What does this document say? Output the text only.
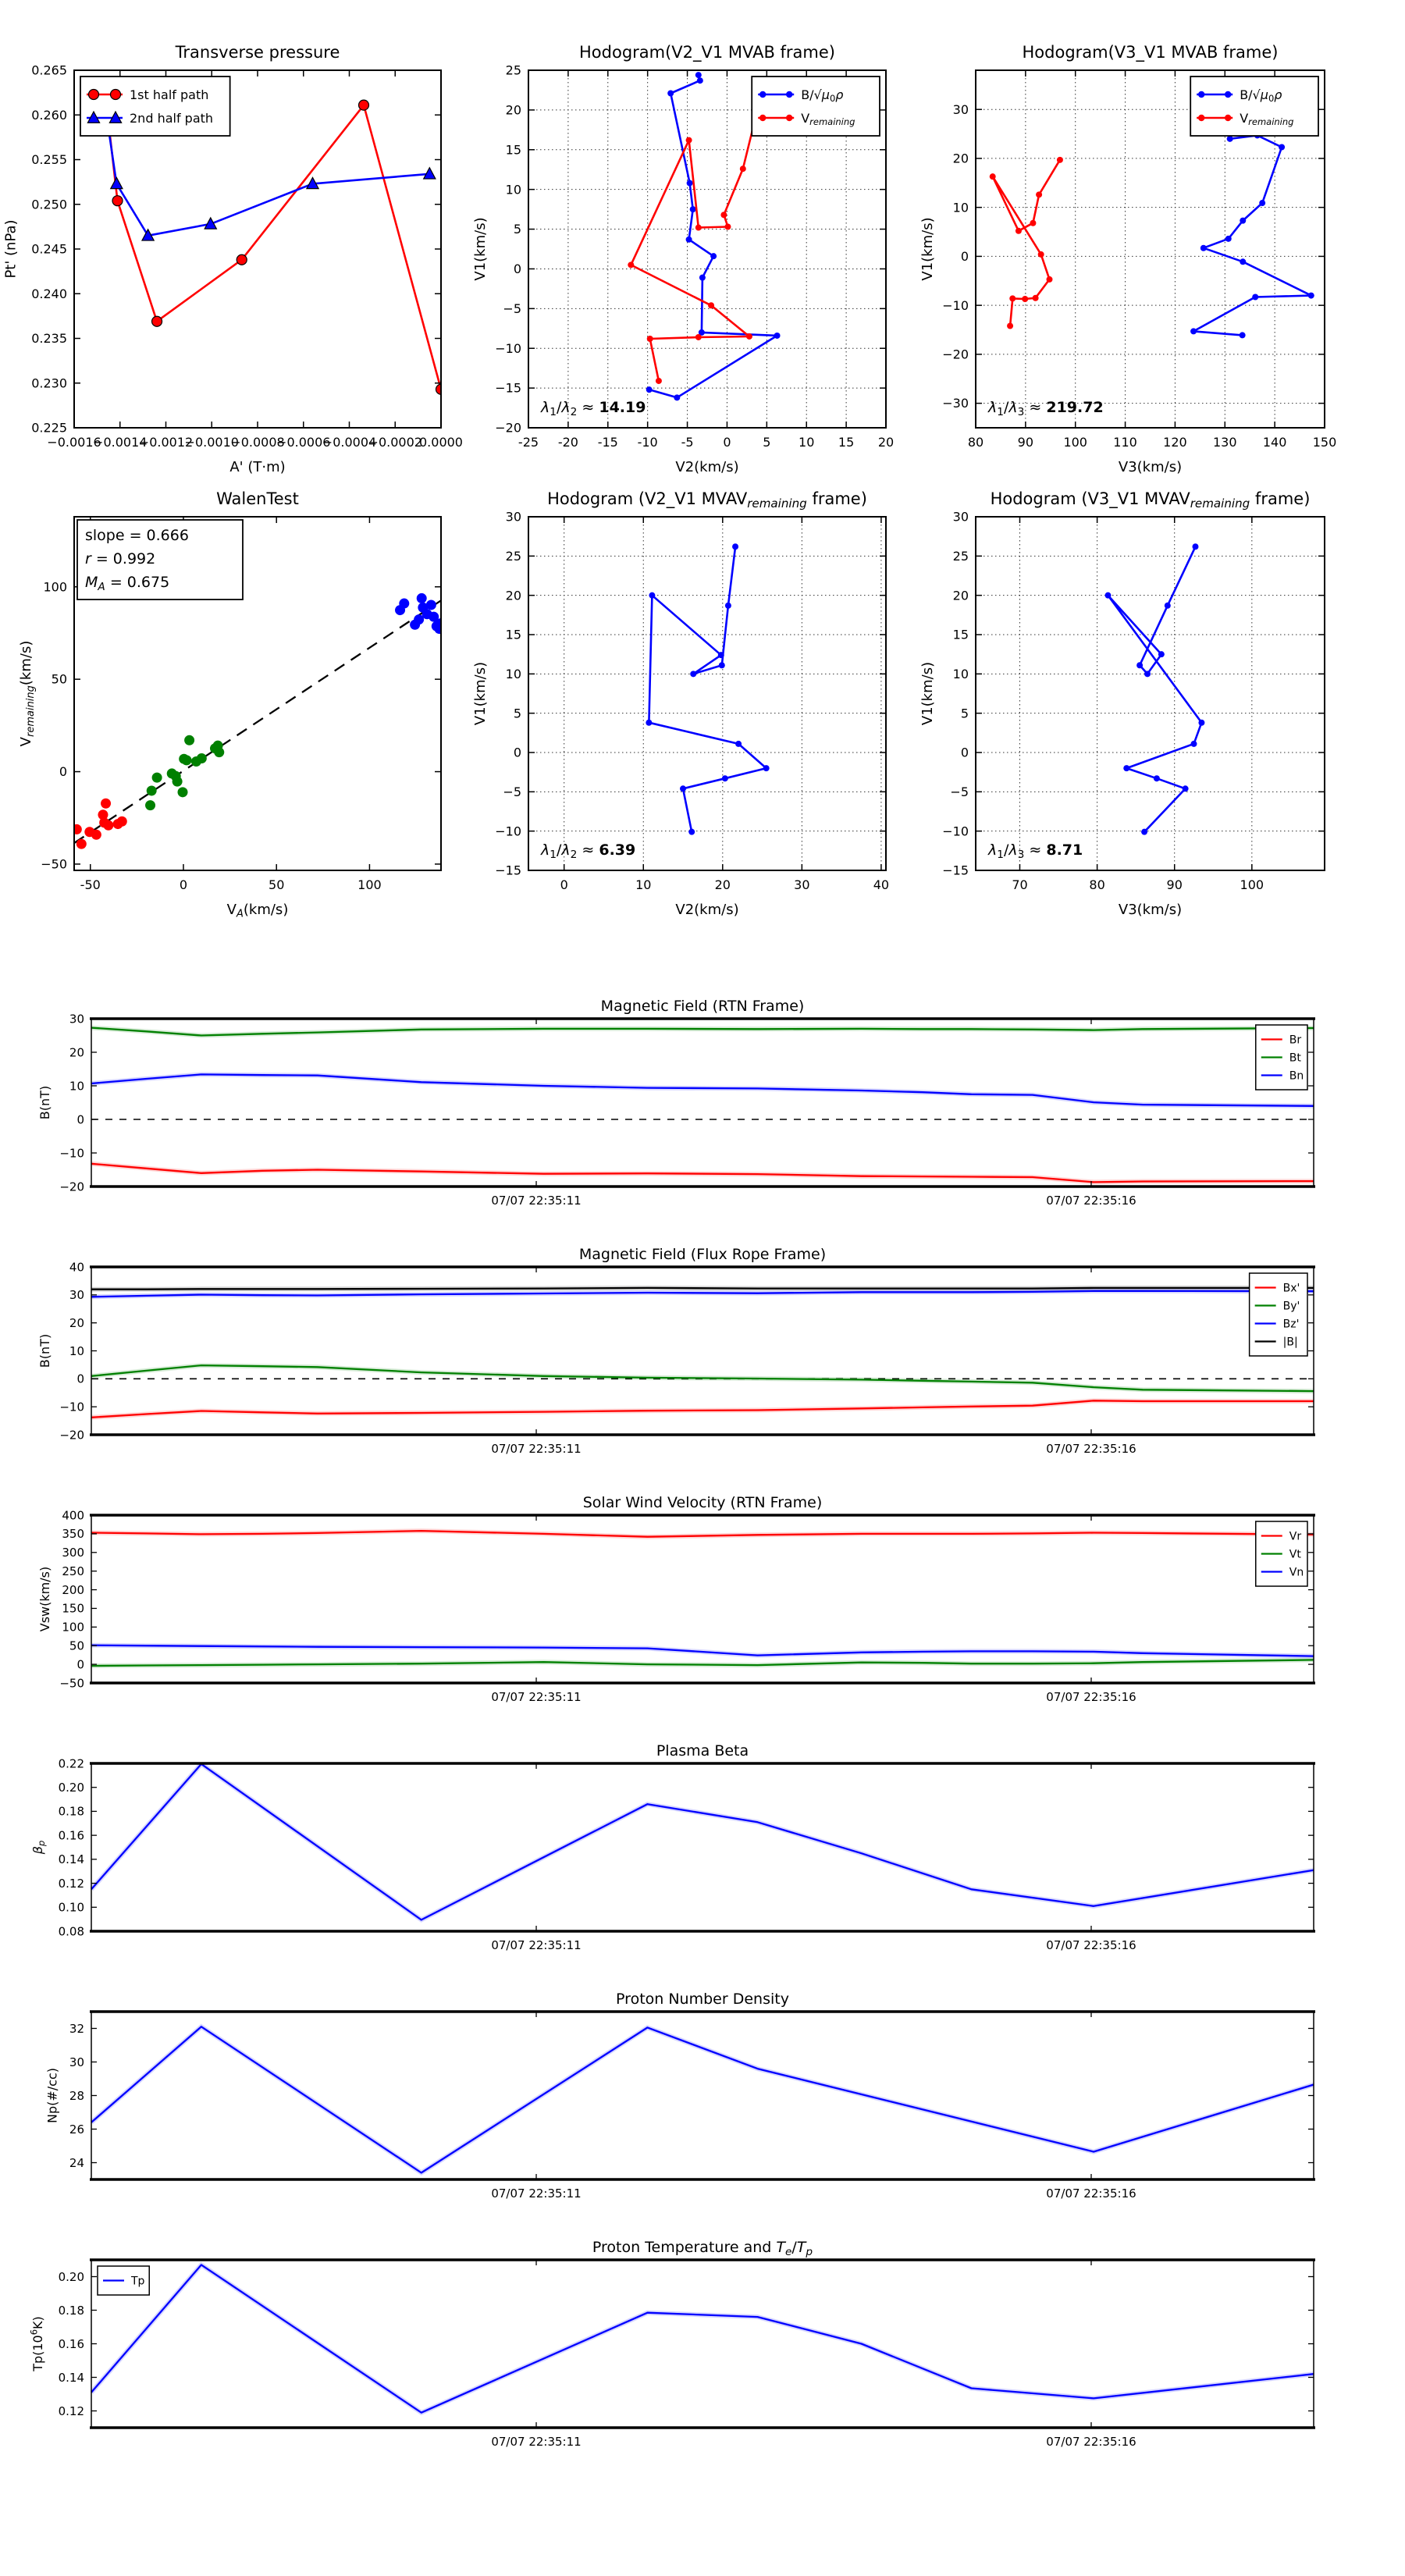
−0.0016
−0.0014
−0.0012
−0.0010
−0.0008
−0.0006
−0.0004
−0.0002
0.0000
0.225
0.230
0.235
0.240
0.245
0.250
0.255
0.260
0.265
Transverse pressure
A' (T·m)
Pt' (nPa)
1st half path
2nd half path
-25 -20 -15 -10 -5 0	5 10 15 20
−20
−15
−10
−5
0
5
10
15
20
25
Hodogram(V2_V1 MVAB frame)
V2(km/s)
V1(km/s)
λ1/λ2 ≈ 14.19
$B/√\mu_0\rho$
$V_{remaining}$
80	90 100 110 120 130 140 150
−30
−20
−10
0
10
20
30
Hodogram(V3_V1 MVAB frame)
V3(km/s)
V1(km/s)
λ1/λ3 ≈ 219.72
$B/√\mu_0\rho$
$V_{remaining}$
-50	0	50	100
−50
0
50
100
WalenTest
$V_A(km/s)$
$V_{remaining}(km/s)$
slope = 0.666
r = 0.992
MA = 0.675
0	10	20	30	40
−15
−10
−5
0
5
10
15
20
25
30
Hodogram (V2_V1 $MVAV_{remaining}$ frame)
V2(km/s)
V1(km/s)
λ1/λ2 ≈ 6.39
70	80	90	100
−15
−10
−5
0
5
10
15
20
25
30
Hodogram (V3_V1 $MVAV_{remaining}$ frame)
V3(km/s)
V1(km/s)
λ1/λ3 ≈ 8.71
07/07 22:35:11	07/07 22:35:16
−20
−10
0
10
20
30
Magnetic Field (RTN Frame)
B(nT)
Br
Bt
Bn
07/07 22:35:11	07/07 22:35:16
−20
−10
0
10
20
30
40
Magnetic Field (Flux Rope Frame)
B(nT)
Bx'
By'
Bz'
|B|
07/07 22:35:11	07/07 22:35:16
−50
0
50
100
150
200
250
300
350
400
Solar Wind Velocity (RTN Frame)
Vsw(km/s)
Vr
Vt
Vn
07/07 22:35:11	07/07 22:35:16
0.08
0.10
0.12
0.14
0.16
0.18
0.20
0.22
Plasma Beta
$\beta_p$
07/07 22:35:11	07/07 22:35:16
24
26
28
30
32
Proton Number Density
Np(#/cc)
07/07 22:35:11	07/07 22:35:16
0.12
0.14
0.16
0.18
0.20
Proton Temperature and Te/Tp
$Tp(10^6K)$
Tp
